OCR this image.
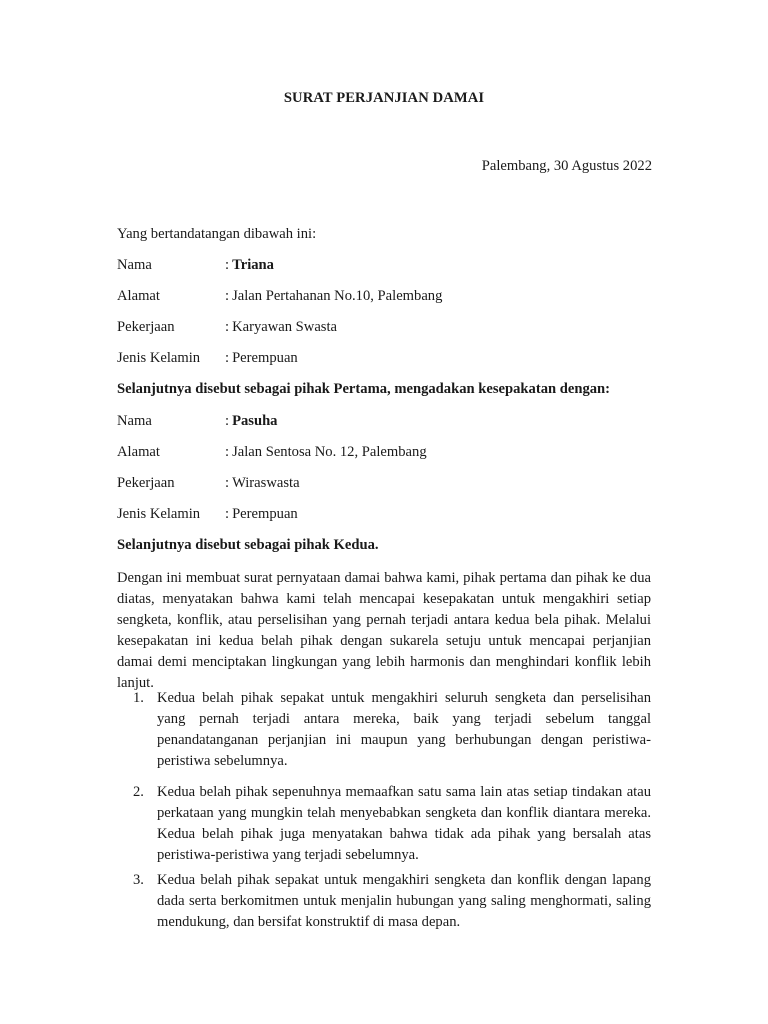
SURAT PERJANJIAN DAMAI
Palembang, 30 Agustus 2022
Yang bertandatangan dibawah ini:
Nama	: Triana
Alamat	: Jalan Pertahanan No.10, Palembang
Pekerjaan	: Karyawan Swasta
Jenis Kelamin : Perempuan
Selanjutnya disebut sebagai pihak Pertama, mengadakan kesepakatan dengan:
Nama	: Pasuha
Alamat	: Jalan Sentosa No. 12, Palembang
Pekerjaan	: Wiraswasta
Jenis Kelamin : Perempuan
Selanjutnya disebut sebagai pihak Kedua.
Dengan ini membuat surat pernyataan damai bahwa kami, pihak pertama dan pihak ke dua diatas, menyatakan bahwa kami telah mencapai kesepakatan untuk mengakhiri setiap sengketa, konflik, atau perselisihan yang pernah terjadi antara kedua bela pihak. Melalui kesepakatan ini kedua belah pihak dengan sukarela setuju untuk mencapai perjanjian damai demi menciptakan lingkungan yang lebih harmonis dan menghindari konflik lebih lanjut.
1. Kedua belah pihak sepakat untuk mengakhiri seluruh sengketa dan perselisihan yang pernah terjadi antara mereka, baik yang terjadi sebelum tanggal penandatanganan perjanjian ini maupun yang berhubungan dengan peristiwa-peristiwa sebelumnya.
2. Kedua belah pihak sepenuhnya memaafkan satu sama lain atas setiap tindakan atau perkataan yang mungkin telah menyebabkan sengketa dan konflik diantara mereka. Kedua belah pihak juga menyatakan bahwa tidak ada pihak yang bersalah atas peristiwa-peristiwa yang terjadi sebelumnya.
3. Kedua belah pihak sepakat untuk mengakhiri sengketa dan konflik dengan lapang dada serta berkomitmen untuk menjalin hubungan yang saling menghormati, saling mendukung, dan bersifat konstruktif di masa depan.
